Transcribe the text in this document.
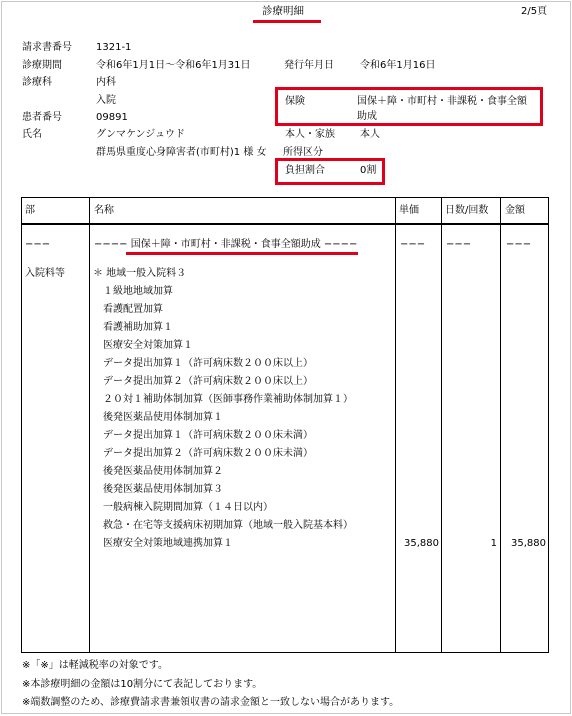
診療明細	2/5頁
請求書番号 1321-1
診療期間	令和6年1月1日～令和6年1月31日	発行年月日	令和6年1月16日
診療科	内科
入院	保険	国保＋障・市町村・非課税・食事全額
助成
患者番号	09891
氏名	グンマケンジュウド	本人・家族	本人
群馬県重度心身障害者(市町村)1 様 女 所得区分
負担割合	0割
部	名称	単価	日数/回数 金額
−−−	−−−− 国保＋障・市町村・非課税・食事全額助成 −−−−	−−− −−−	−−−
入院料等	＊ 地域一般入院料３
　１級地地域加算
　看護配置加算
　看護補助加算１
　医療安全対策加算１
　データ提出加算１（許可病床数２００床以上）
　データ提出加算２（許可病床数２００床以上）
　２０対１補助体制加算（医師事務作業補助体制加算１）
　後発医薬品使用体制加算１
　データ提出加算１（許可病床数２００床未満）
　データ提出加算２（許可病床数２００床未満）
　後発医薬品使用体制加算２
　後発医薬品使用体制加算３
　一般病棟入院期間加算（１４日以内）
　救急・在宅等支援病床初期加算（地域一般入院基本料）
　医療安全対策地域連携加算１	35,880	1	35,880
※「※」は軽減税率の対象です。
※本診療明細の金額は10割分にて表記しております。
※端数調整のため、診療費請求書兼領収書の請求金額と一致しない場合があります。
